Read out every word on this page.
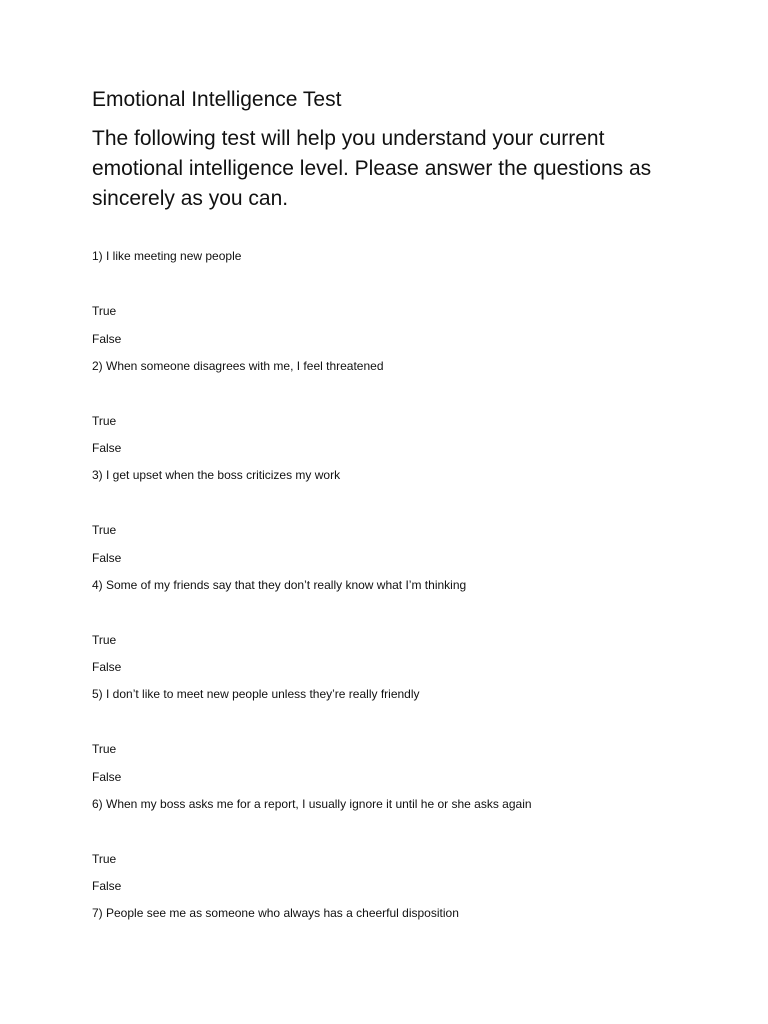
Emotional Intelligence Test

The following test will help you understand your current emotional intelligence level. Please answer the questions as sincerely as you can.

1) I like meeting new people
True
False
2) When someone disagrees with me, I feel threatened
True
False
3) I get upset when the boss criticizes my work
True
False
4) Some of my friends say that they don’t really know what I’m thinking
True
False
5) I don’t like to meet new people unless they’re really friendly
True
False
6) When my boss asks me for a report, I usually ignore it until he or she asks again
True
False
7) People see me as someone who always has a cheerful disposition
